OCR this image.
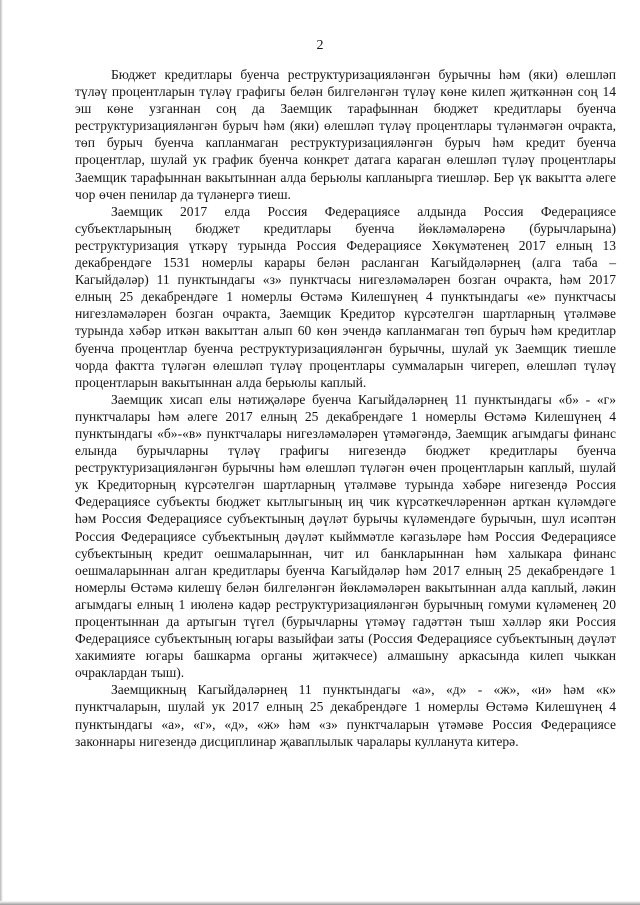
2

Бюджет кредитлары буенча реструктуризацияләнгән бурычны һәм (яки) өлешләп түләү процентларын түләү графигы белән билгеләнгән түләү көне килеп җиткәннән соң 14 эш көне узганнан соң да Заемщик тарафыннан бюджет кредитлары буенча реструктуризацияләнгән бурыч һәм (яки) өлешләп түләү процентлары түләнмәгән очракта, төп бурыч буенча капланмаган реструктуризацияләнгән бурыч һәм кредит буенча процентлар, шулай ук график буенча конкрет датага караган өлешләп түләү процентлары Заемщик тарафыннан вакытыннан алда берьюлы капланырга тиешләр. Бер үк вакытта әлеге чор өчен пенилар да түләнергә тиеш.

Заемщик 2017 елда Россия Федерациясе алдында Россия Федерациясе субъектларының бюджет кредитлары буенча йөкләмәләренә (бурычларына) реструктуризация үткәрү турында Россия Федерациясе Хөкүмәтенең 2017 елның 13 декабрендәге 1531 номерлы карары белән расланган Кагыйдәләрнең (алга таба – Кагыйдәләр) 11 пунктындагы «з» пунктчасы нигезләмәләрен бозган очракта, һәм 2017 елның 25 декабрендәге 1 номерлы Өстәмә Килешүнең 4 пунктындагы «е» пунктчасы нигезләмәләрен бозган очракта, Заемщик Кредитор күрсәтелгән шартларның үтәлмәве турында хәбәр иткән вакыттан алып 60 көн эчендә капланмаган төп бурыч һәм кредитлар буенча процентлар буенча реструктуризацияләнгән бурычны, шулай ук Заемщик тиешле чорда фактта түләгән өлешләп түләү процентлары суммаларын чигереп, өлешләп түләү процентларын вакытыннан алда берьюлы каплый.

Заемщик хисап елы нәтиҗәләре буенча Кагыйдәләрнең 11 пунктындагы «б» - «г» пунктчалары һәм әлеге 2017 елның 25 декабрендәге 1 номерлы Өстәмә Килешүнең 4 пунктындагы «б»-«в» пунктчалары нигезләмәләрен үтәмәгәндә, Заемщик агымдагы финанс елында бурычларны түләү графигы нигезендә бюджет кредитлары буенча реструктуризацияләнгән бурычны һәм өлешләп түләгән өчен процентларын каплый, шулай ук Кредиторның күрсәтелгән шартларның үтәлмәве турында хәбәре нигезендә Россия Федерациясе субъекты бюджет кытлыгының иң чик күрсәткечләреннән арткан күләмдәге һәм Россия Федерациясе субъектының дәүләт бурычы күләмендәге бурычын, шул исәптән Россия Федерациясе субъектының дәүләт кыйммәтле кәгазьләре һәм Россия Федерациясе субъектының кредит оешмаларыннан, чит ил банкларыннан һәм халыкара финанс оешмаларыннан алган кредитлары буенча Кагыйдәләр һәм 2017 елның 25 декабрендәге 1 номерлы Өстәмә килешү белән билгеләнгән йөкләмәләрен вакытыннан алда каплый, ләкин агымдагы елның 1 июленә кадәр реструктуризацияләнгән бурычның гомуми күләменең 20 процентыннан да артыгын түгел (бурычларны үтәмәү гадәттән тыш хәлләр яки Россия Федерациясе субъектының югары вазыйфаи заты (Россия Федерациясе субъектының дәүләт хакимияте югары башкарма органы җитәкчесе) алмашыну аркасында килеп чыккан очраклардан тыш).

Заемщикның Кагыйдәләрнең 11 пунктындагы «а», «д» - «ж», «и» һәм «к» пунктчаларын, шулай ук 2017 елның 25 декабрендәге 1 номерлы Өстәмә Килешүнең 4 пунктындагы «а», «г», «д», «ж» һәм «з» пунктчаларын үтәмәве Россия Федерациясе законнары нигезендә дисциплинар җаваплылык чаралары кулланута китерә.
